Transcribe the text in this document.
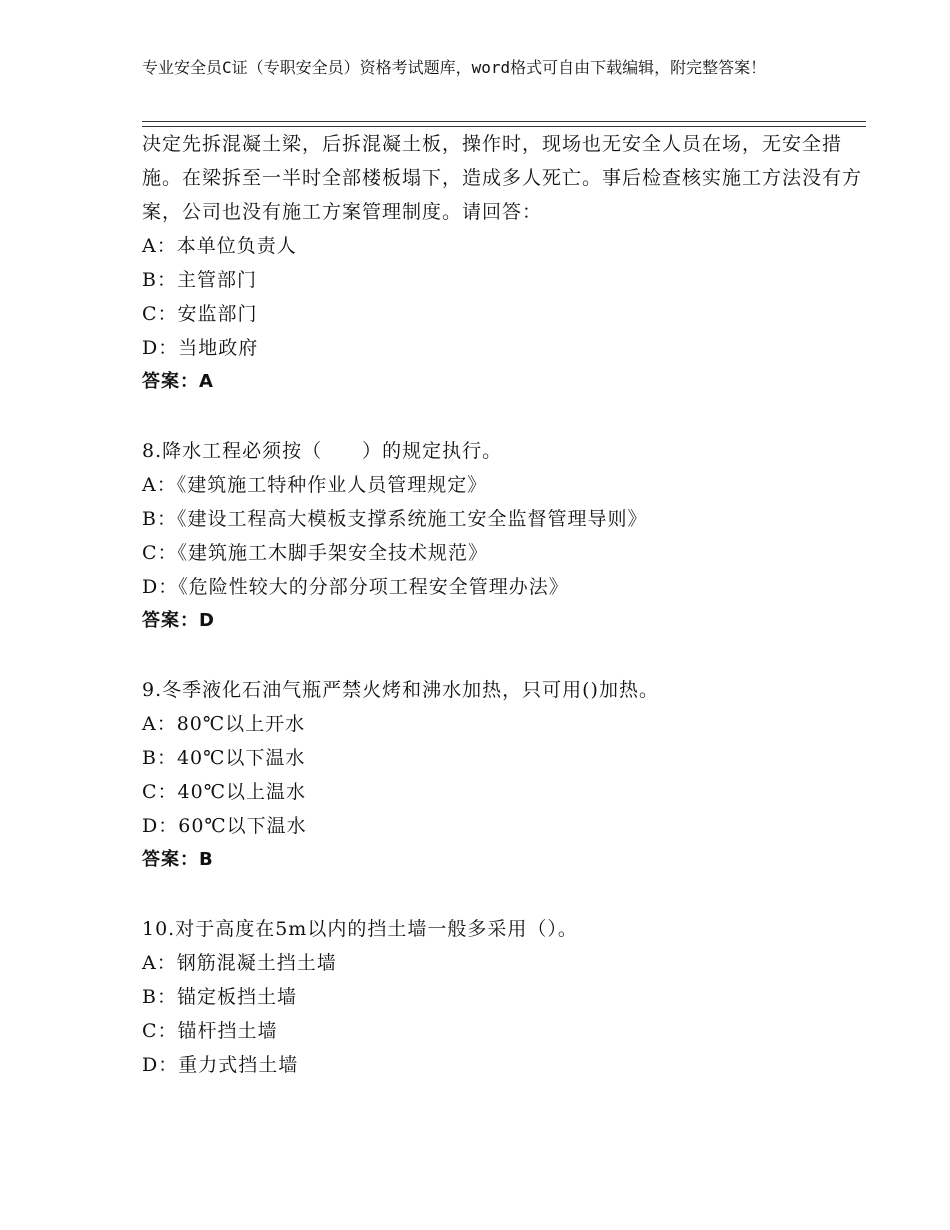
专业安全员C证（专职安全员）资格考试题库，word格式可自由下载编辑，附完整答案！

决定先拆混凝土梁，后拆混凝土板，操作时，现场也无安全人员在场，无安全措施。在梁拆至一半时全部楼板塌下，造成多人死亡。事后检查核实施工方法没有方案，公司也没有施工方案管理制度。请回答：

A：本单位负责人
B：主管部门
C：安监部门
D：当地政府
答案：A
8.降水工程必须按（　　）的规定执行。
A：《建筑施工特种作业人员管理规定》
B：《建设工程高大模板支撑系统施工安全监督管理导则》
C：《建筑施工木脚手架安全技术规范》
D：《危险性较大的分部分项工程安全管理办法》
答案：D
9.冬季液化石油气瓶严禁火烤和沸水加热，只可用()加热。
A：80℃以上开水
B：40℃以下温水
C：40℃以上温水
D：60℃以下温水
答案：B
10.对于高度在5m以内的挡土墙一般多采用（）。
A：钢筋混凝土挡土墙
B：锚定板挡土墙
C：锚杆挡土墙
D：重力式挡土墙
